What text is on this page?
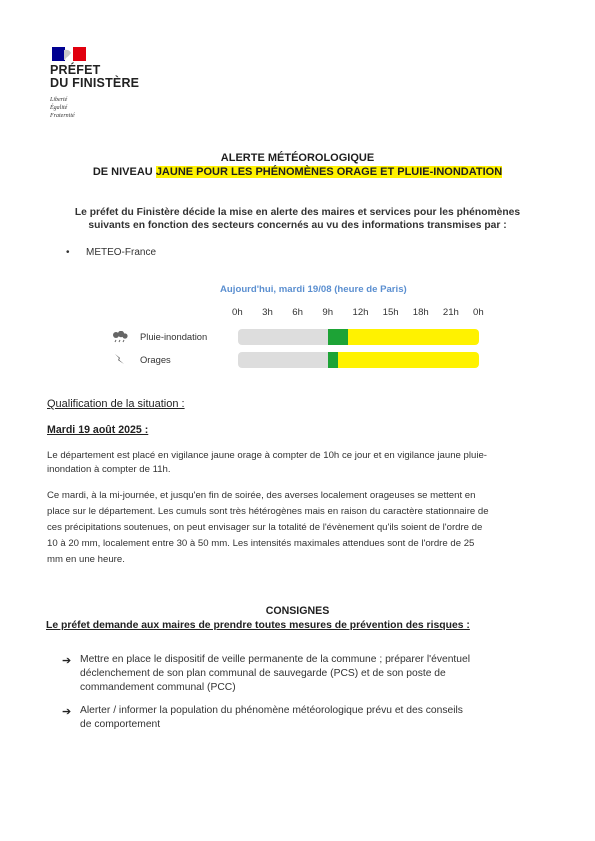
PRÉFET
DU FINISTÈRE
Liberté
Égalité
Fraternité
ALERTE MÉTÉOROLOGIQUE
DE NIVEAU JAUNE POUR LES PHÉNOMÈNES ORAGE ET PLUIE-INONDATION
Le préfet du Finistère décide la mise en alerte des maires et services pour les phénomènes
suivants en fonction des secteurs concernés au vu des informations transmises par :
• METEO-France
Aujourd'hui, mardi 19/08 (heure de Paris)
0h 3h 6h 9h 12h 15h 18h 21h 0h
Pluie-inondation
Orages
Qualification de la situation :
Mardi 19 août 2025 :
Le département est placé en vigilance jaune orage à compter de 10h ce jour et en vigilance jaune pluie-
inondation à compter de 11h.
Ce mardi, à la mi-journée, et jusqu'en fin de soirée, des averses localement orageuses se mettent en
place sur le département. Les cumuls sont très hétérogènes mais en raison du caractère stationnaire de
ces précipitations soutenues, on peut envisager sur la totalité de l'évènement qu'ils soient de l'ordre de
10 à 20 mm, localement entre 30 à 50 mm. Les intensités maximales attendues sont de l'ordre de 25
mm en une heure.
CONSIGNES
Le préfet demande aux maires de prendre toutes mesures de prévention des risques :
➔ Mettre en place le dispositif de veille permanente de la commune ; préparer l'éventuel
déclenchement de son plan communal de sauvegarde (PCS) et de son poste de
commandement communal (PCC)
➔ Alerter / informer la population du phénomène météorologique prévu et des conseils
de comportement
